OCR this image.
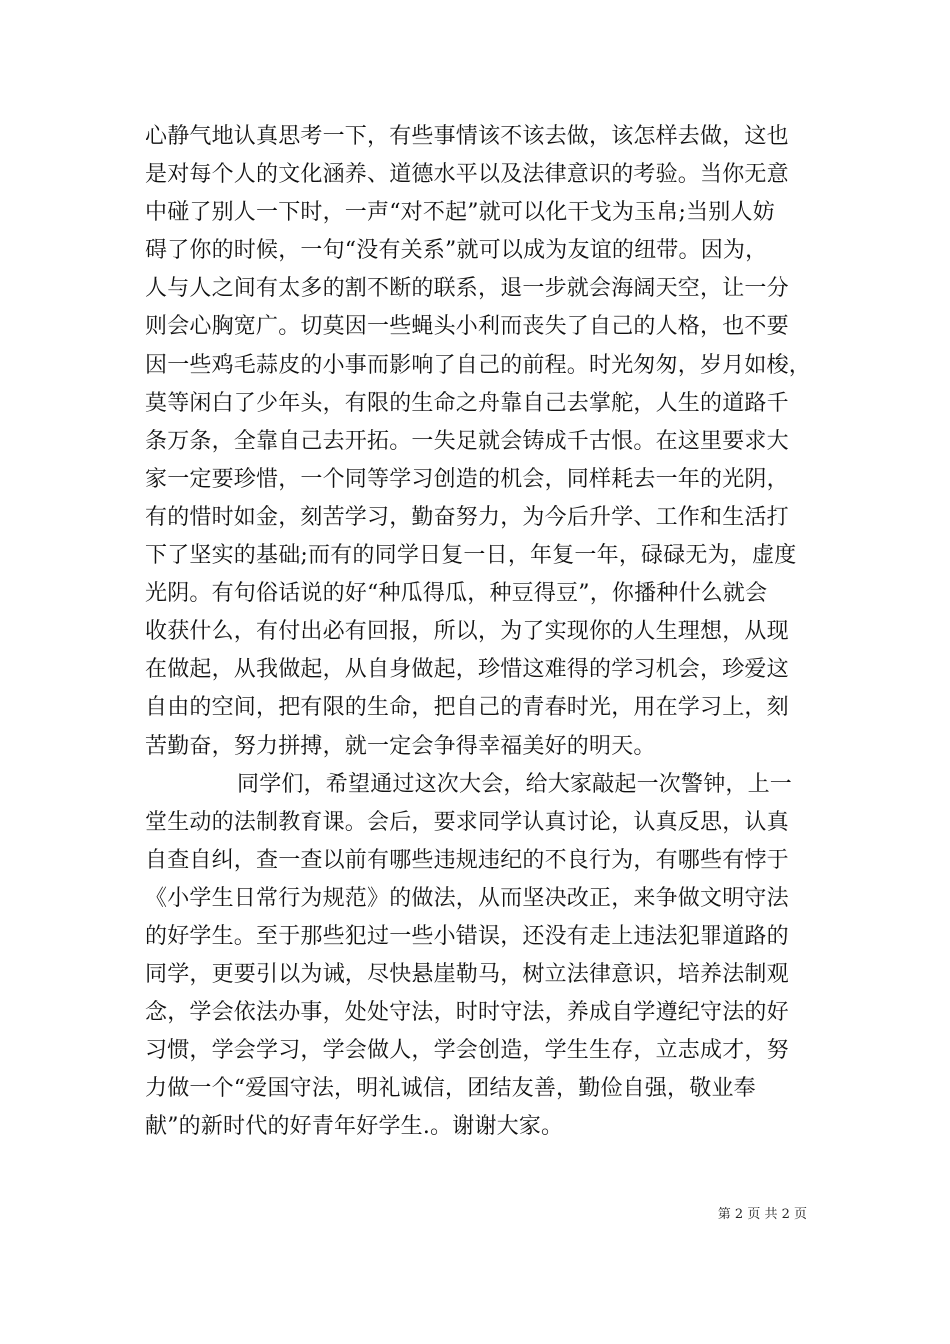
心静气地认真思考一下，有些事情该不该去做，该怎样去做，这也
是对每个人的文化涵养、道德水平以及法律意识的考验。当你无意
中碰了别人一下时，一声“对不起”就可以化干戈为玉帛;当别人妨
碍了你的时候，一句“没有关系”就可以成为友谊的纽带。因为，
人与人之间有太多的割不断的联系，退一步就会海阔天空，让一分
则会心胸宽广。切莫因一些蝇头小利而丧失了自己的人格，也不要
因一些鸡毛蒜皮的小事而影响了自己的前程。时光匆匆，岁月如梭，
莫等闲白了少年头，有限的生命之舟靠自己去掌舵，人生的道路千
条万条，全靠自己去开拓。一失足就会铸成千古恨。在这里要求大
家一定要珍惜，一个同等学习创造的机会，同样耗去一年的光阴，
有的惜时如金，刻苦学习，勤奋努力，为今后升学、工作和生活打
下了坚实的基础;而有的同学日复一日，年复一年，碌碌无为，虚度
光阴。有句俗话说的好“种瓜得瓜，种豆得豆”，你播种什么就会
收获什么，有付出必有回报，所以，为了实现你的人生理想，从现
在做起，从我做起，从自身做起，珍惜这难得的学习机会，珍爱这
自由的空间，把有限的生命，把自己的青春时光，用在学习上，刻
苦勤奋，努力拼搏，就一定会争得幸福美好的明天。
同学们，希望通过这次大会，给大家敲起一次警钟，上一
堂生动的法制教育课。会后，要求同学认真讨论，认真反思，认真
自查自纠，查一查以前有哪些违规违纪的不良行为，有哪些有悖于
《小学生日常行为规范》的做法，从而坚决改正，来争做文明守法
的好学生。至于那些犯过一些小错误，还没有走上违法犯罪道路的
同学，更要引以为诫，尽快悬崖勒马，树立法律意识，培养法制观
念，学会依法办事，处处守法，时时守法，养成自学遵纪守法的好
习惯，学会学习，学会做人，学会创造，学生生存，立志成才，努
力做一个“爱国守法，明礼诚信，团结友善，勤俭自强，敬业奉
献”的新时代的好青年好学生.。谢谢大家。
第 2 页 共 2 页
